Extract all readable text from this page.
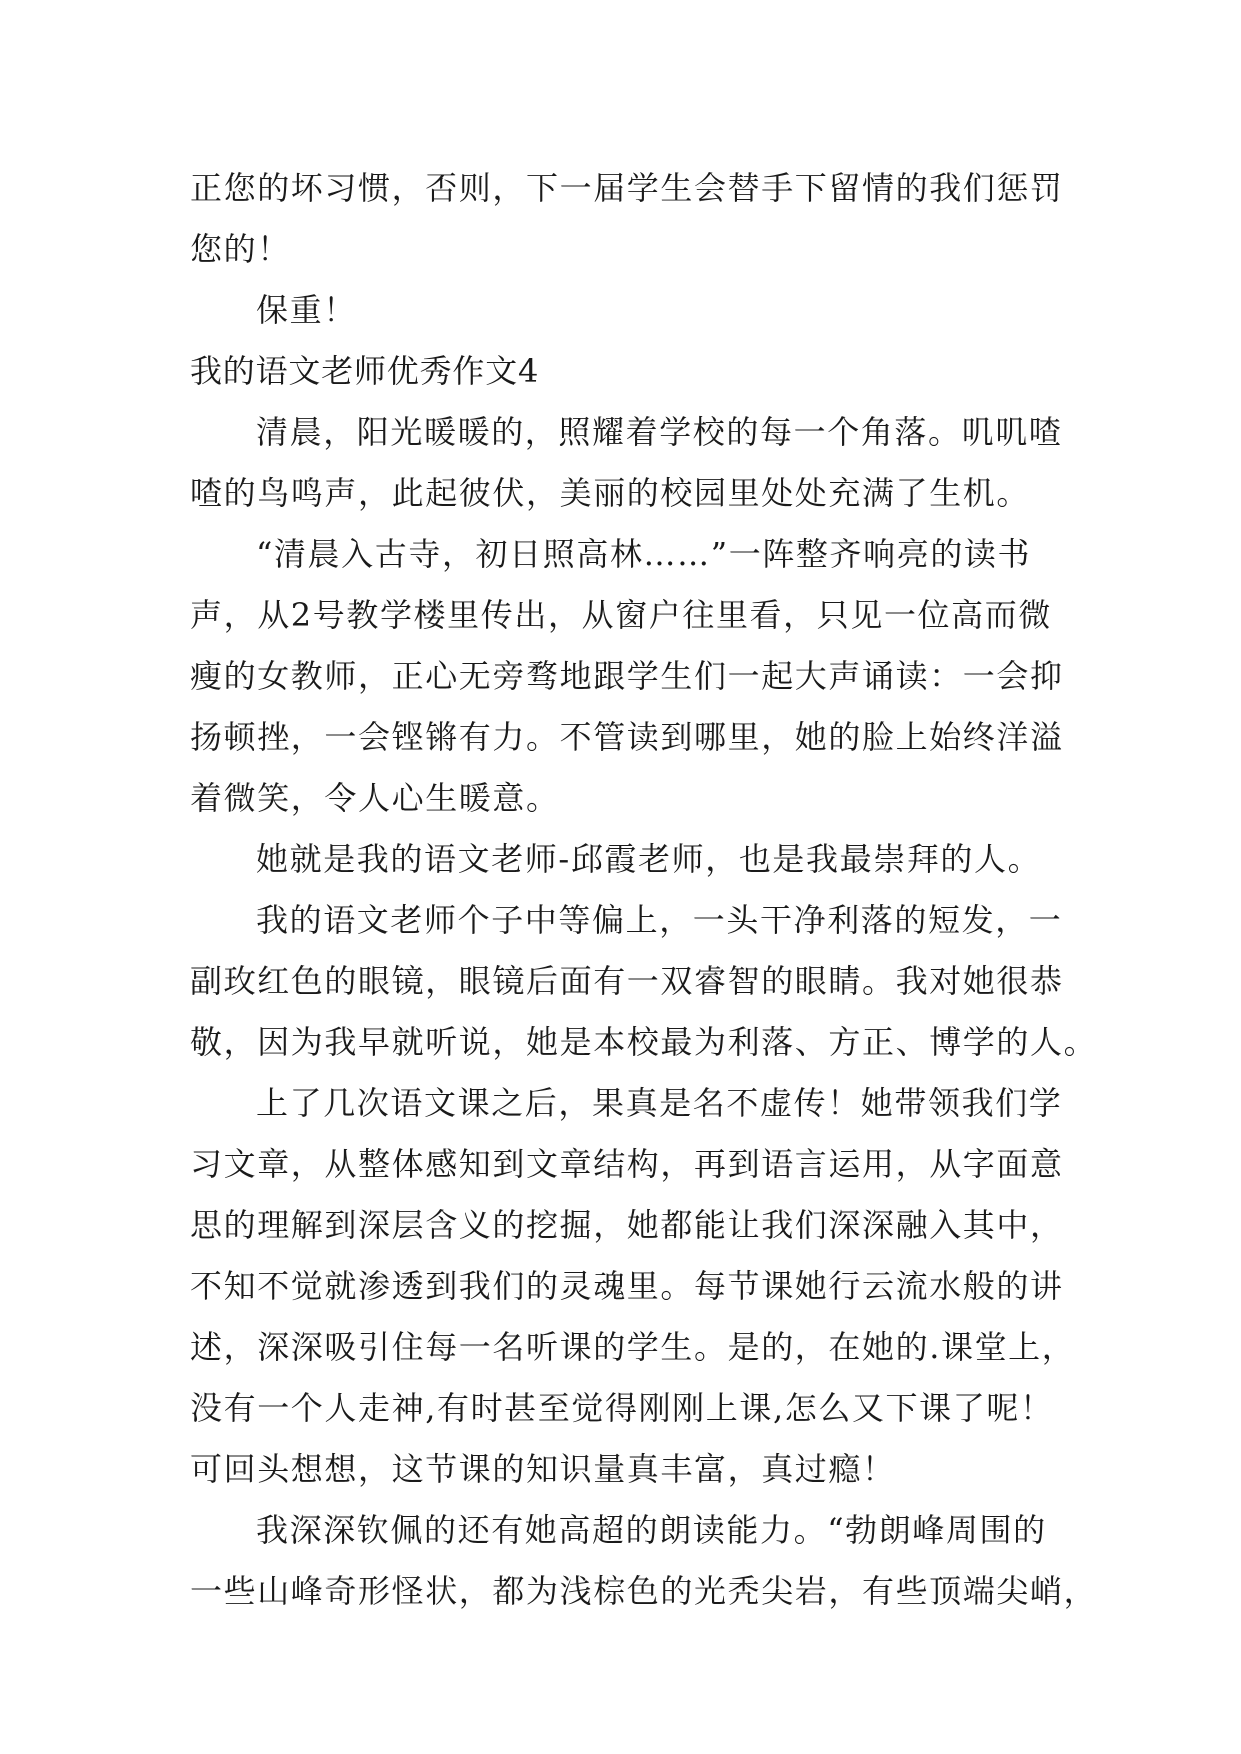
正您的坏习惯，否则，下一届学生会替手下留情的我们惩罚
您的！
保重！
我的语文老师优秀作文4
清晨，阳光暖暖的，照耀着学校的每一个角落。叽叽喳
喳的鸟鸣声，此起彼伏，美丽的校园里处处充满了生机。
“清晨入古寺，初日照高林……”一阵整齐响亮的读书
声，从2号教学楼里传出，从窗户往里看，只见一位高而微
瘦的女教师，正心无旁骛地跟学生们一起大声诵读：一会抑
扬顿挫，一会铿锵有力。不管读到哪里，她的脸上始终洋溢
着微笑，令人心生暖意。
她就是我的语文老师-邱霞老师，也是我最崇拜的人。
我的语文老师个子中等偏上，一头干净利落的短发，一
副玫红色的眼镜，眼镜后面有一双睿智的眼睛。我对她很恭
敬，因为我早就听说，她是本校最为利落、方正、博学的人。
上了几次语文课之后，果真是名不虚传！她带领我们学
习文章，从整体感知到文章结构，再到语言运用，从字面意
思的理解到深层含义的挖掘，她都能让我们深深融入其中，
不知不觉就渗透到我们的灵魂里。每节课她行云流水般的讲
述，深深吸引住每一名听课的学生。是的，在她的.课堂上，
没有一个人走神,有时甚至觉得刚刚上课,怎么又下课了呢！
可回头想想，这节课的知识量真丰富，真过瘾！
我深深钦佩的还有她高超的朗读能力。“勃朗峰周围的
一些山峰奇形怪状，都为浅棕色的光秃尖岩，有些顶端尖峭，
